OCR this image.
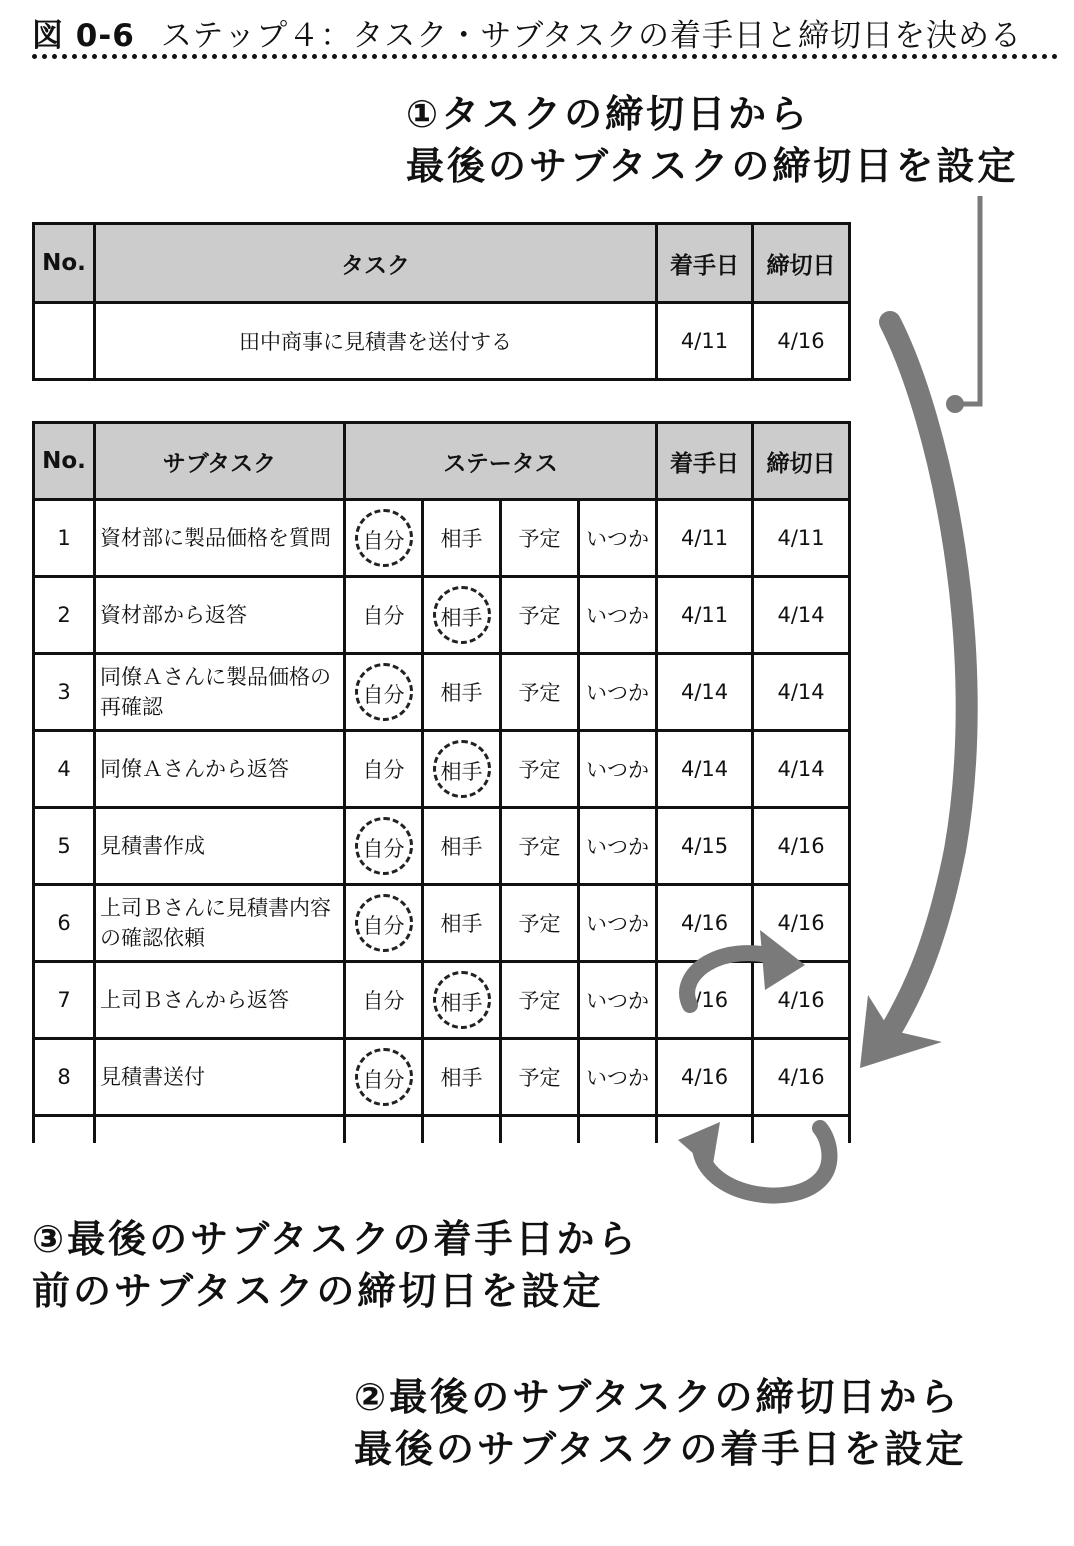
図 0-6 ステップ４：タスク・サブタスクの着手日と締切日を決める
①タスクの締切日から
最後のサブタスクの締切日を設定
No.	タスク	着手日	締切日
	田中商事に見積書を送付する	4/11	4/16
No.	サブタスク	ステータス				着手日	締切日
1	資材部に製品価格を質問	自分	相手	予定	いつか	4/11	4/11
2	資材部から返答	自分	相手	予定	いつか	4/11	4/14
3	同僚Ａさんに製品価格の再確認	自分	相手	予定	いつか	4/14	4/14
4	同僚Ａさんから返答	自分	相手	予定	いつか	4/14	4/14
5	見積書作成	自分	相手	予定	いつか	4/15	4/16
6	上司Ｂさんに見積書内容の確認依頼	自分	相手	予定	いつか	4/16	4/16
7	上司Ｂさんから返答	自分	相手	予定	いつか	4/16	4/16
8	見積書送付	自分	相手	予定	いつか	4/16	4/16

③最後のサブタスクの着手日から
前のサブタスクの締切日を設定
②最後のサブタスクの締切日から
最後のサブタスクの着手日を設定
